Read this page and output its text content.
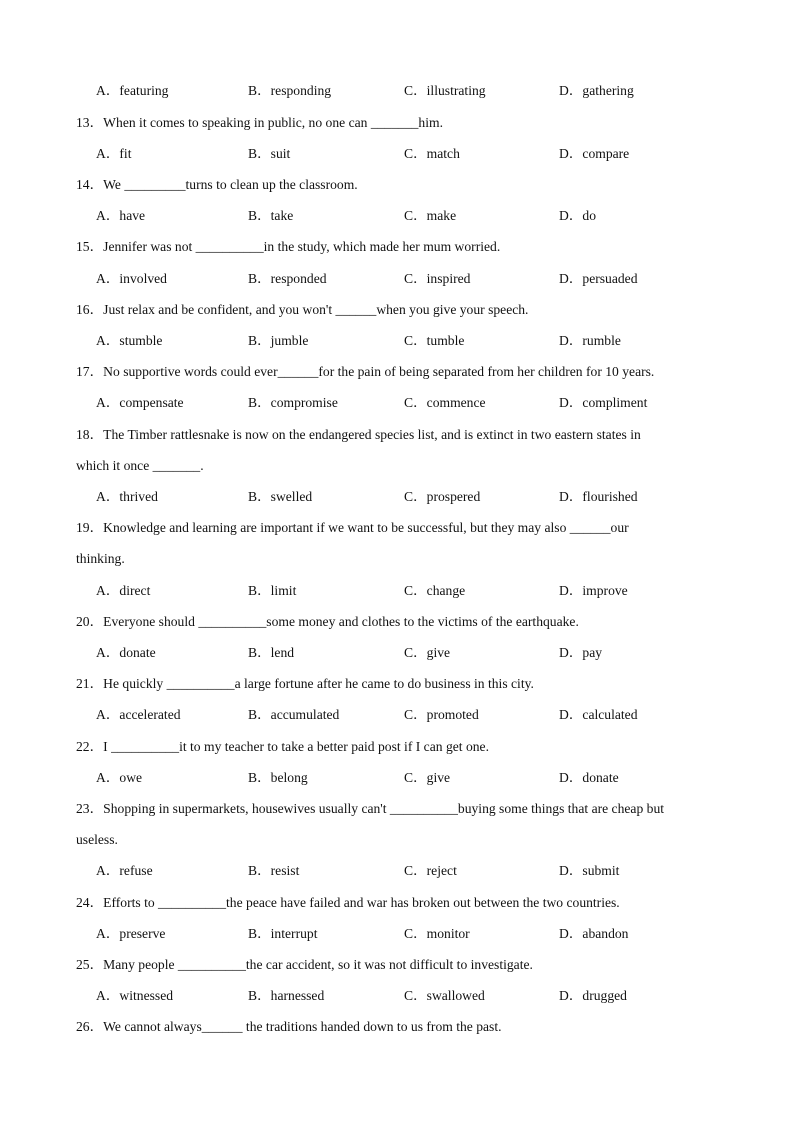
A．featuring	B．responding	C．illustrating	D．gathering
13．When it comes to speaking in public, no one can _______him.
A．fit	B．suit	C．match	D．compare
14．We _________turns to clean up the classroom.
A．have	B．take	C．make	D．do
15．Jennifer was not __________in the study, which made her mum worried.
A．involved	B．responded	C．inspired	D．persuaded
16．Just relax and be confident, and you won't ______when you give your speech.
A．stumble	B．jumble	C．tumble	D．rumble
17．No supportive words could ever______for the pain of being separated from her children for 10 years.
A．compensate	B．compromise	C．commence	D．compliment
18．The Timber rattlesnake is now on the endangered species list, and is extinct in two eastern states in
which it once _______.
A．thrived	B．swelled	C．prospered	D．flourished
19．Knowledge and learning are important if we want to be successful, but they may also ______our
thinking.
A．direct	B．limit	C．change	D．improve
20．Everyone should __________some money and clothes to the victims of the earthquake.
A．donate	B．lend	C．give	D．pay
21．He quickly __________a large fortune after he came to do business in this city.
A．accelerated	B．accumulated	C．promoted	D．calculated
22．I __________it to my teacher to take a better paid post if I can get one.
A．owe	B．belong	C．give	D．donate
23．Shopping in supermarkets, housewives usually can't __________buying some things that are cheap but
useless.
A．refuse	B．resist	C．reject	D．submit
24．Efforts to __________the peace have failed and war has broken out between the two countries.
A．preserve	B．interrupt	C．monitor	D．abandon
25．Many people __________the car accident, so it was not difficult to investigate.
A．witnessed	B．harnessed	C．swallowed	D．drugged
26．We cannot always______ the traditions handed down to us from the past.
